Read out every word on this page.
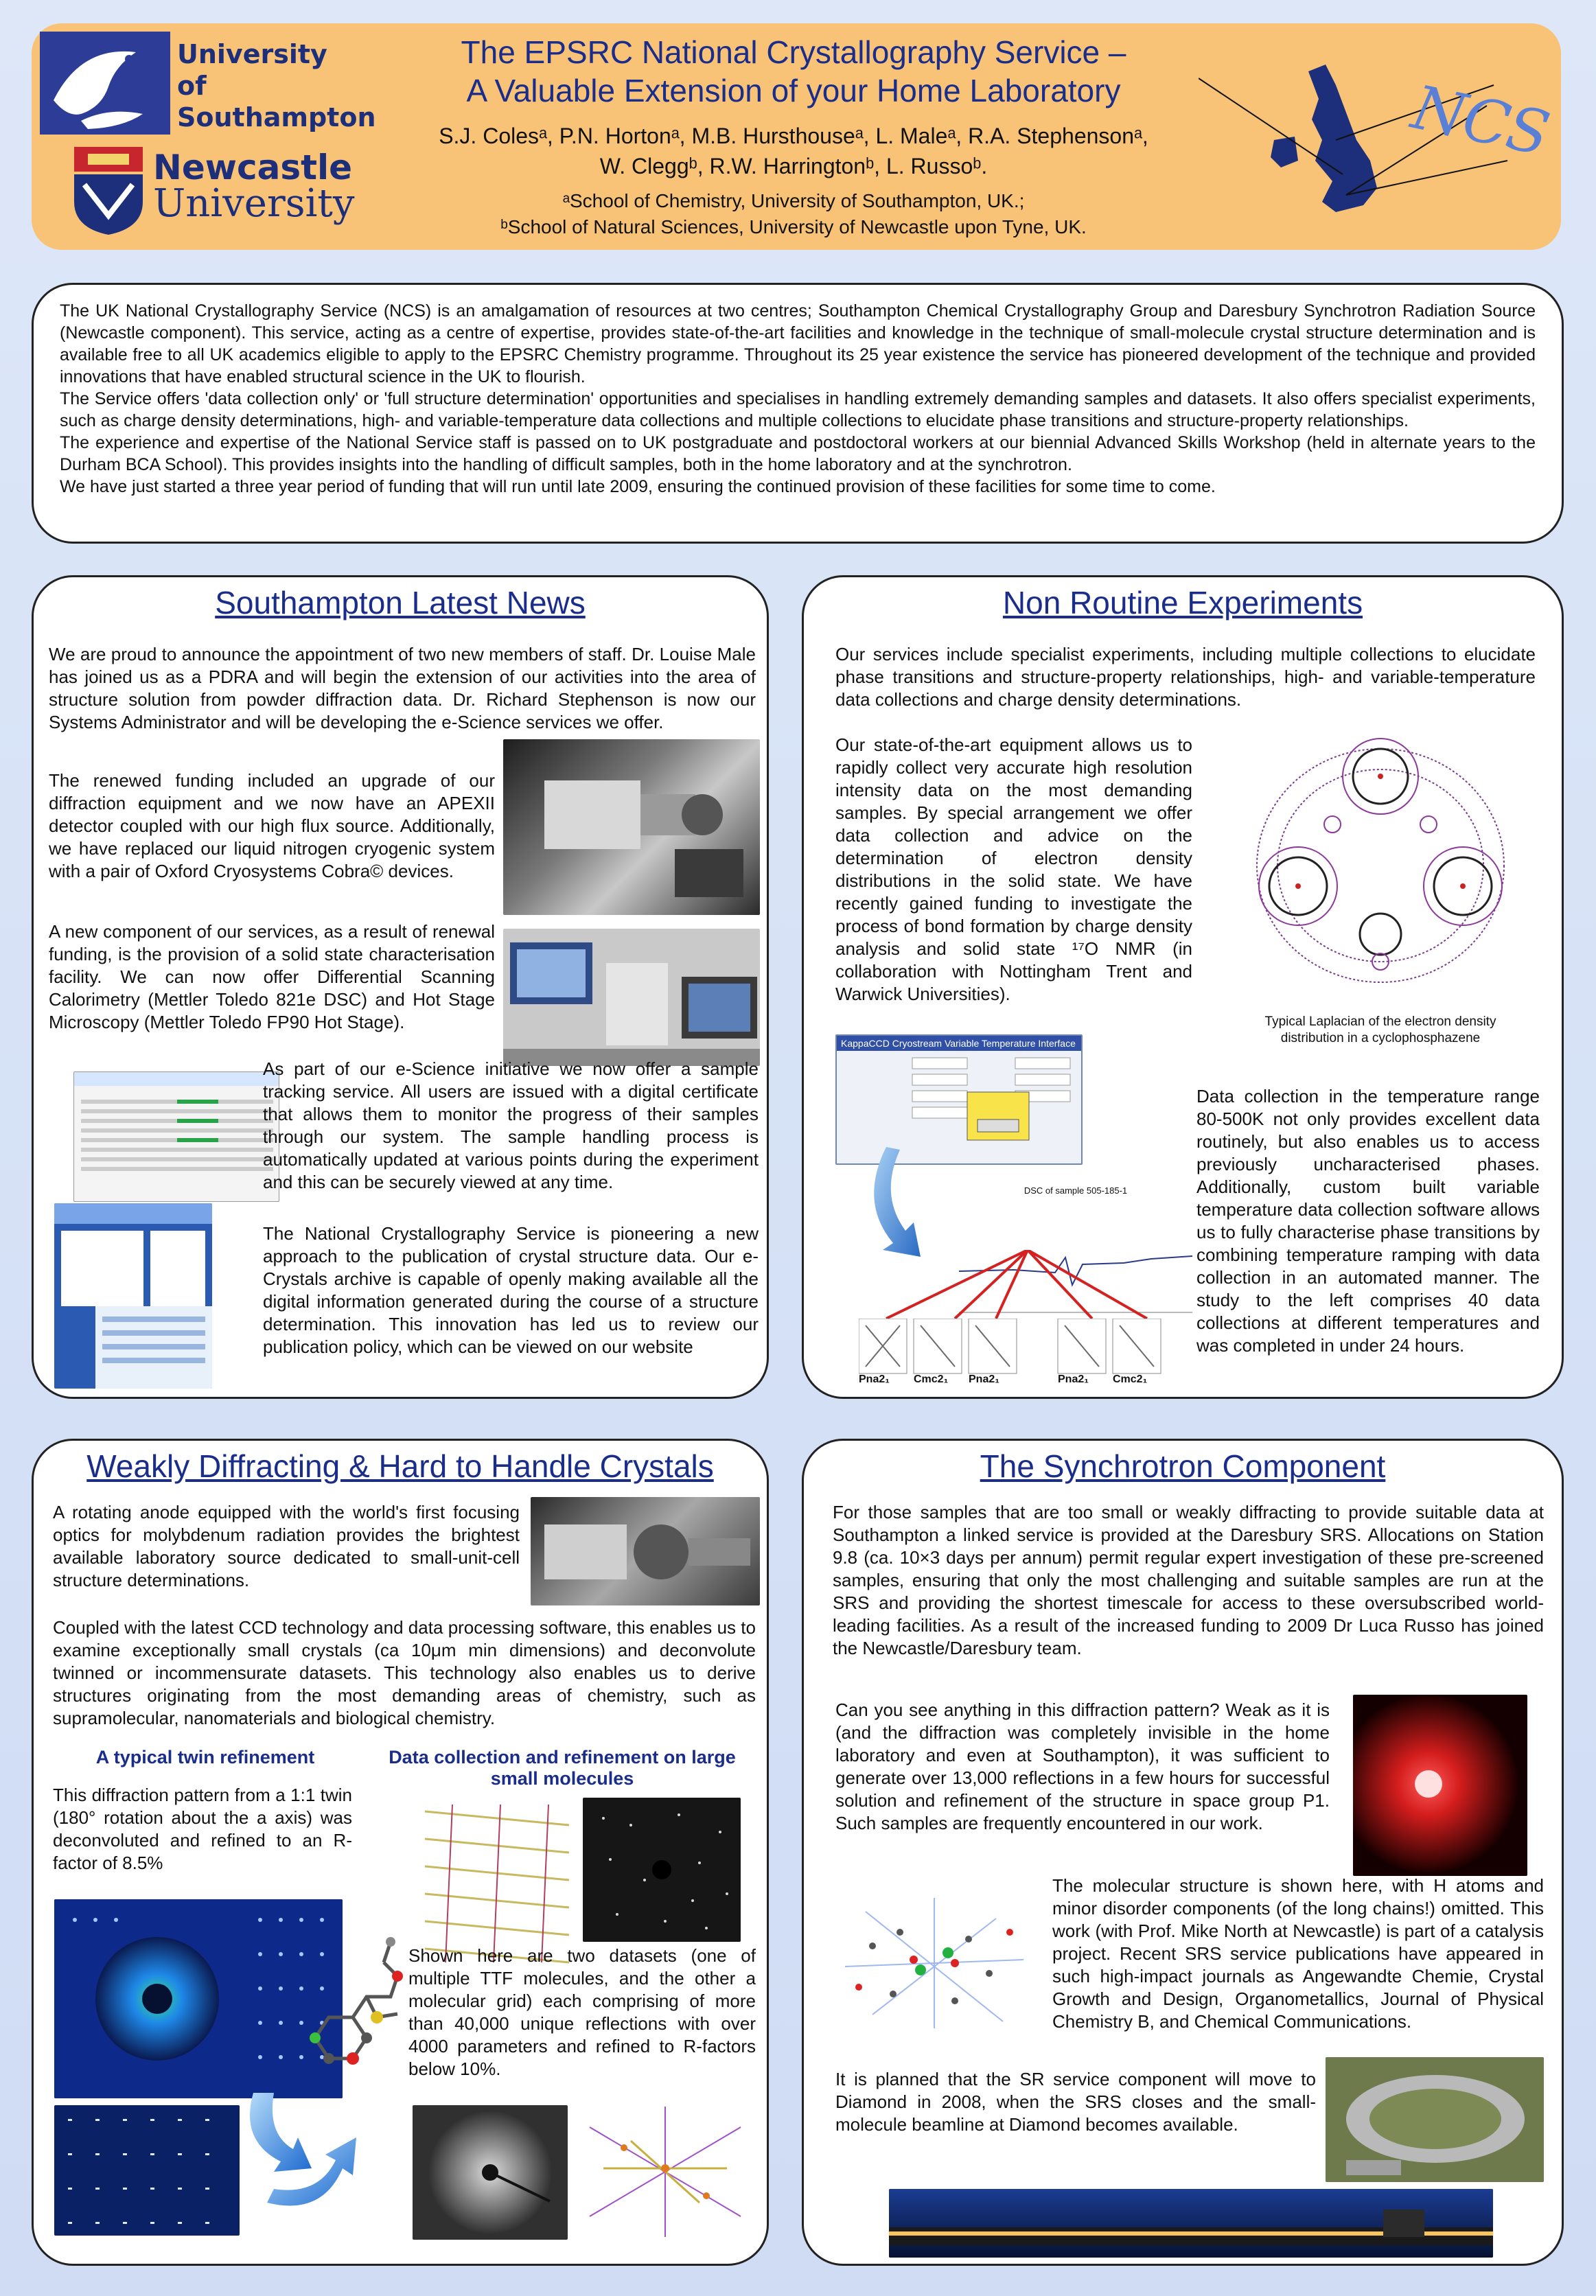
University
of Southampton
Newcastle
University
The EPSRC National Crystallography Service –
A Valuable Extension of your Home Laboratory
S.J. Colesᵃ, P.N. Hortonᵃ, M.B. Hursthouseᵃ, L. Maleᵃ, R.A. Stephensonᵃ,
W. Cleggᵇ, R.W. Harringtonᵇ, L. Russoᵇ.
ᵃSchool of Chemistry, University of Southampton, UK.;
ᵇSchool of Natural Sciences, University of Newcastle upon Tyne, UK.
NCS

The UK National Crystallography Service (NCS) is an amalgamation of resources at two centres; Southampton Chemical Crystallography Group and Daresbury Synchrotron Radiation Source (Newcastle component). This service, acting as a centre of expertise, provides state-of-the-art facilities and knowledge in the technique of small-molecule crystal structure determination and is available free to all UK academics eligible to apply to the EPSRC Chemistry programme. Throughout its 25 year existence the service has pioneered development of the technique and provided innovations that have enabled structural science in the UK to flourish.

The Service offers 'data collection only' or 'full structure determination' opportunities and specialises in handling extremely demanding samples and datasets. It also offers specialist experiments, such as charge density determinations, high- and variable-temperature data collections and multiple collections to elucidate phase transitions and structure-property relationships.

The experience and expertise of the National Service staff is passed on to UK postgraduate and postdoctoral workers at our biennial Advanced Skills Workshop (held in alternate years to the Durham BCA School). This provides insights into the handling of difficult samples, both in the home laboratory and at the synchrotron.

We have just started a three year period of funding that will run until late 2009, ensuring the continued provision of these facilities for some time to come.

Southampton Latest News
We are proud to announce the appointment of two new members of staff. Dr. Louise Male has joined us as a PDRA and will begin the extension of our activities into the area of structure solution from powder diffraction data. Dr. Richard Stephenson is now our Systems Administrator and will be developing the e-Science services we offer.
The renewed funding included an upgrade of our diffraction equipment and we now have an APEXII detector coupled with our high flux source. Additionally, we have replaced our liquid nitrogen cryogenic system with a pair of Oxford Cryosystems Cobra© devices.
A new component of our services, as a result of renewal funding, is the provision of a solid state characterisation facility. We can now offer Differential Scanning Calorimetry (Mettler Toledo 821e DSC) and Hot Stage Microscopy (Mettler Toledo FP90 Hot Stage).
As part of our e-Science initiative we now offer a sample tracking service. All users are issued with a digital certificate that allows them to monitor the progress of their samples through our system. The sample handling process is automatically updated at various points during the experiment and this can be securely viewed at any time.
The National Crystallography Service is pioneering a new approach to the publication of crystal structure data. Our e-Crystals archive is capable of openly making available all the digital information generated during the course of a structure determination. This innovation has led us to review our publication policy, which can be viewed on our website
Non Routine Experiments
Our services include specialist experiments, including multiple collections to elucidate phase transitions and structure-property relationships, high- and variable-temperature data collections and charge density determinations.
Our state-of-the-art equipment allows us to rapidly collect very accurate high resolution intensity data on the most demanding samples. By special arrangement we offer data collection and advice on the determination of electron density distributions in the solid state. We have recently gained funding to investigate the process of bond formation by charge density analysis and solid state ¹⁷O NMR (in collaboration with Nottingham Trent and Warwick Universities).
Typical Laplacian of the electron density distribution in a cyclophosphazene
KappaCCD Cryostream Variable Temperature Interface
DSC of sample 505-185-1
Pna2₁ Cmc2₁ Pna2₁	Pna2₁ Cmc2₁
Data collection in the temperature range 80-500K not only provides excellent data routinely, but also enables us to access previously uncharacterised phases. Additionally, custom built variable temperature data collection software allows us to fully characterise phase transitions by combining temperature ramping with data collection in an automated manner. The study to the left comprises 40 data collections at different temperatures and was completed in under 24 hours.
Weakly Diffracting & Hard to Handle Crystals
A rotating anode equipped with the world's first focusing optics for molybdenum radiation provides the brightest available laboratory source dedicated to small-unit-cell structure determinations.
Coupled with the latest CCD technology and data processing software, this enables us to examine exceptionally small crystals (ca 10μm min dimensions) and deconvolute twinned or incommensurate datasets. This technology also enables us to derive structures originating from the most demanding areas of chemistry, such as supramolecular, nanomaterials and biological chemistry.
A typical twin refinement	Data collection and refinement on large small molecules
This diffraction pattern from a 1:1 twin (180° rotation about the a axis) was deconvoluted and refined to an R-factor of 8.5%
Shown here are two datasets (one of multiple TTF molecules, and the other a molecular grid) each comprising of more than 40,000 unique reflections with over 4000 parameters and refined to R-factors below 10%.
The Synchrotron Component
For those samples that are too small or weakly diffracting to provide suitable data at Southampton a linked service is provided at the Daresbury SRS. Allocations on Station 9.8 (ca. 10×3 days per annum) permit regular expert investigation of these pre-screened samples, ensuring that only the most challenging and suitable samples are run at the SRS and providing the shortest timescale for access to these oversubscribed world-leading facilities. As a result of the increased funding to 2009 Dr Luca Russo has joined the Newcastle/Daresbury team.
Can you see anything in this diffraction pattern? Weak as it is (and the diffraction was completely invisible in the home laboratory and even at Southampton), it was sufficient to generate over 13,000 reflections in a few hours for successful solution and refinement of the structure in space group P1. Such samples are frequently encountered in our work.
The molecular structure is shown here, with H atoms and minor disorder components (of the long chains!) omitted. This work (with Prof. Mike North at Newcastle) is part of a catalysis project. Recent SRS service publications have appeared in such high-impact journals as Angewandte Chemie, Crystal Growth and Design, Organometallics, Journal of Physical Chemistry B, and Chemical Communications.
It is planned that the SR service component will move to Diamond in 2008, when the SRS closes and the small-molecule beamline at Diamond becomes available.
